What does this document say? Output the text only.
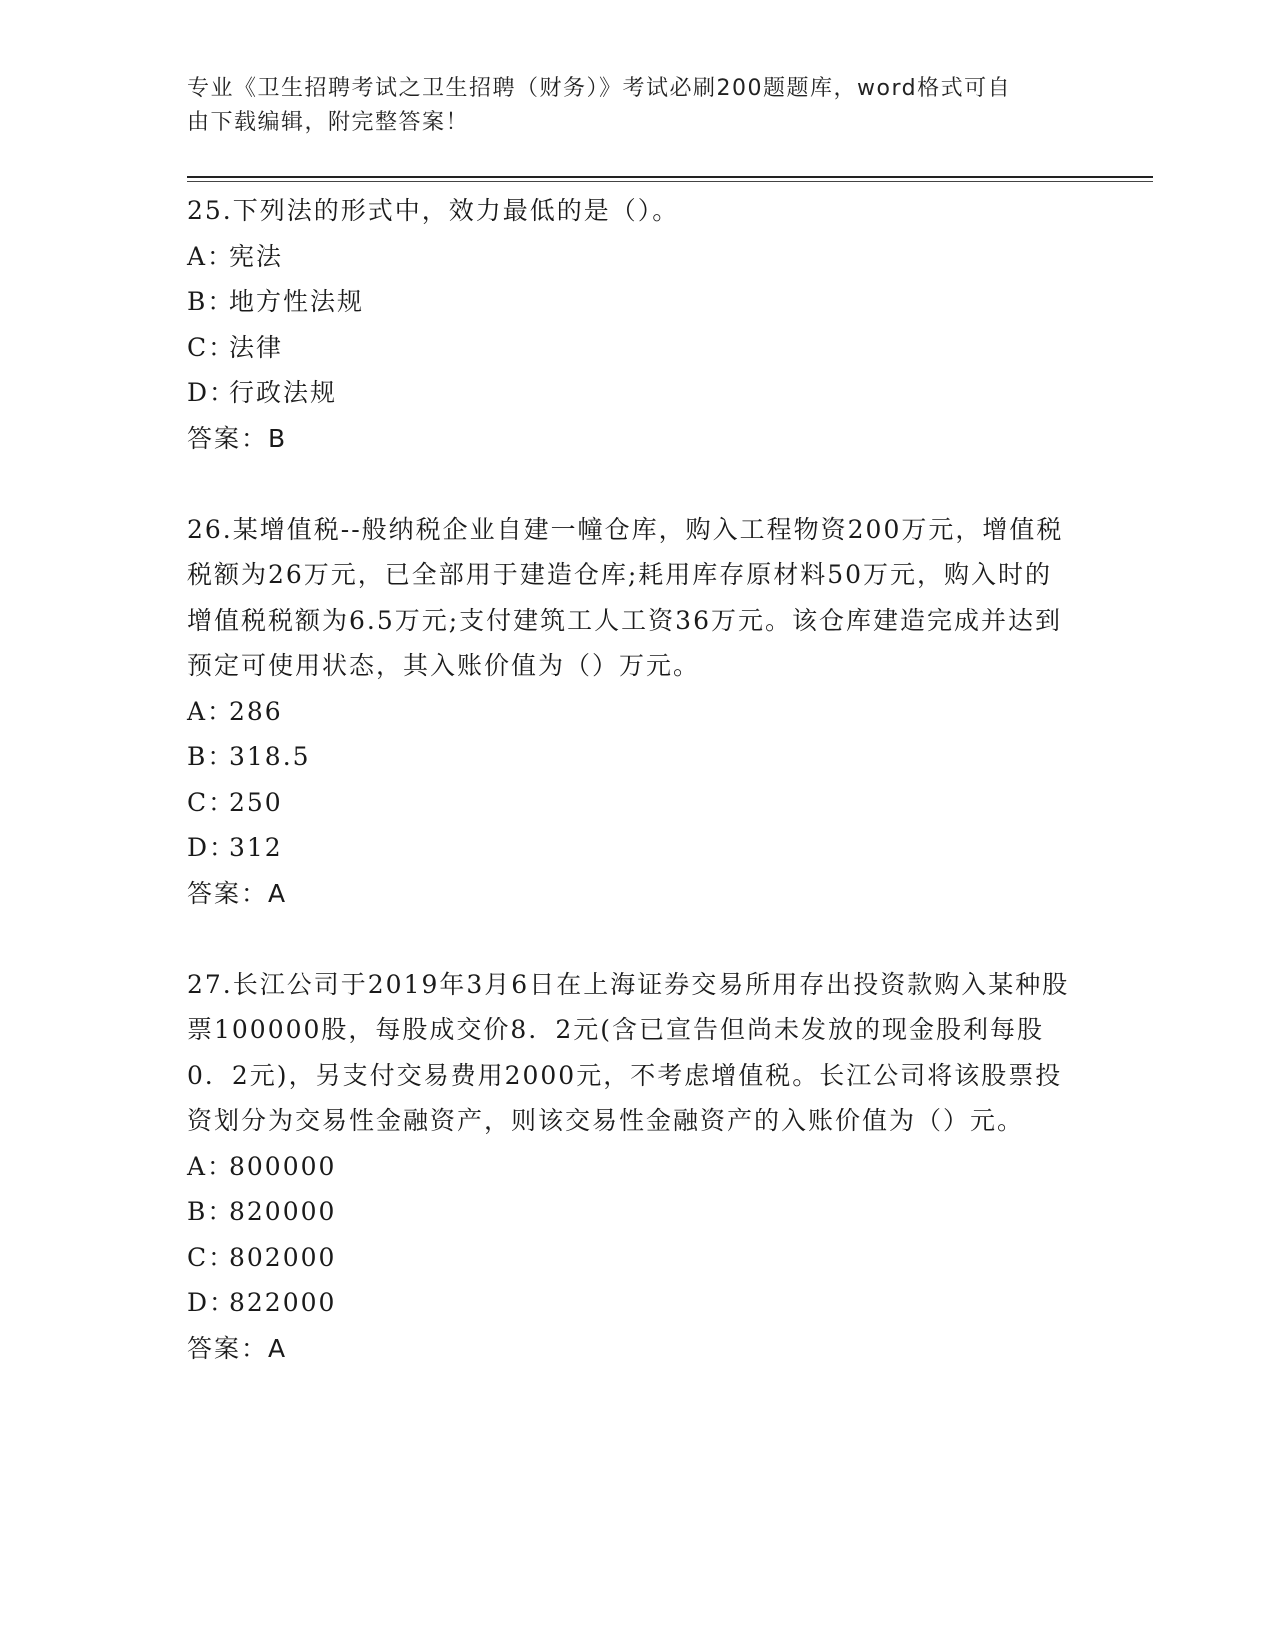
专业《卫生招聘考试之卫生招聘（财务）》考试必刷200题题库，word格式可自
由下载编辑，附完整答案！

25.下列法的形式中，效力最低的是（）。

A：宪法

B：地方性法规

C：法律

D：行政法规

答案：B

26.某增值税--般纳税企业自建一幢仓库，购入工程物资200万元，增值税税额为26万元，已全部用于建造仓库;耗用库存原材料50万元，购入时的增值税税额为6.5万元;支付建筑工人工资36万元。该仓库建造完成并达到预定可使用状态，其入账价值为（）万元。

A：286

B：318.5

C：250

D：312

答案：A

27.长江公司于2019年3月6日在上海证券交易所用存出投资款购入某种股票100000股，每股成交价8．2元(含已宣告但尚未发放的现金股利每股0．2元)，另支付交易费用2000元，不考虑增值税。长江公司将该股票投资划分为交易性金融资产，则该交易性金融资产的入账价值为（）元。

A：800000

B：820000

C：802000

D：822000

答案：A
